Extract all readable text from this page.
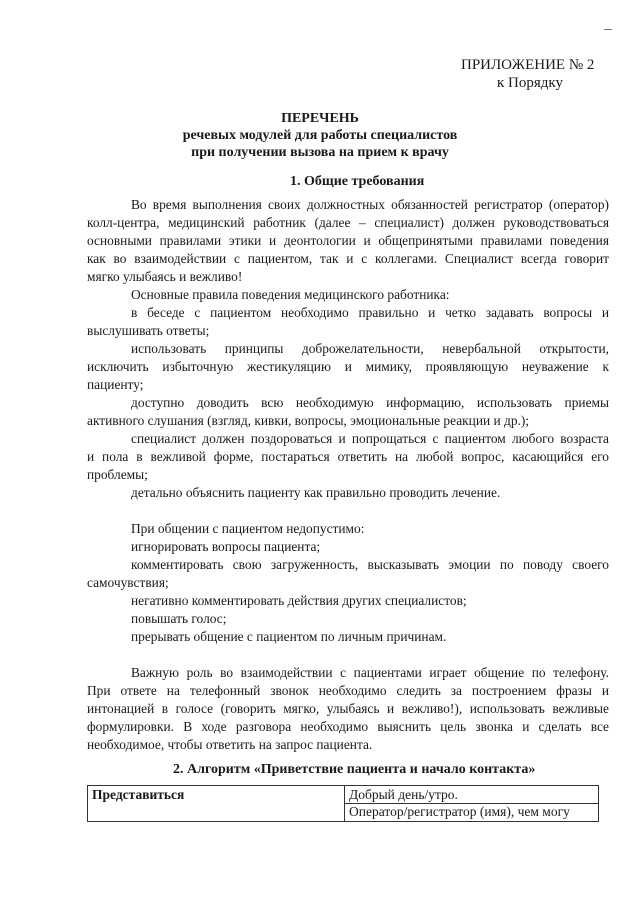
ПРИЛОЖЕНИЕ № 2
к Порядку
ПЕРЕЧЕНЬ
речевых модулей для работы специалистов
при получении вызова на прием к врачу
1. Общие требования
Во время выполнения своих должностных обязанностей регистратор (оператор)
колл-центра, медицинский работник (далее – специалист) должен руководствоваться
основными правилами этики и деонтологии и общепринятыми правилами поведения
как во взаимодействии с пациентом, так и с коллегами. Специалист всегда говорит
мягко улыбаясь и вежливо!
Основные правила поведения медицинского работника:
в беседе с пациентом необходимо правильно и четко задавать вопросы и
выслушивать ответы;
использовать принципы доброжелательности, невербальной открытости,
исключить избыточную жестикуляцию и мимику, проявляющую неуважение к
пациенту;
доступно доводить всю необходимую информацию, использовать приемы
активного слушания (взгляд, кивки, вопросы, эмоциональные реакции и др.);
специалист должен поздороваться и попрощаться с пациентом любого возраста
и пола в вежливой форме, постараться ответить на любой вопрос, касающийся его
проблемы;
детально объяснить пациенту как правильно проводить лечение.
При общении с пациентом недопустимо:
игнорировать вопросы пациента;
комментировать свою загруженность, высказывать эмоции по поводу своего
самочувствия;
негативно комментировать действия других специалистов;
повышать голос;
прерывать общение с пациентом по личным причинам.
Важную роль во взаимодействии с пациентами играет общение по телефону.
При ответе на телефонный звонок необходимо следить за построением фразы и
интонацией в голосе (говорить мягко, улыбаясь и вежливо!), использовать вежливые
формулировки. В ходе разговора необходимо выяснить цель звонка и сделать все
необходимое, чтобы ответить на запрос пациента.
2. Алгоритм «Приветствие пациента и начало контакта»
Представиться	Добрый день/утро.
Оператор/регистратор (имя), чем могу
